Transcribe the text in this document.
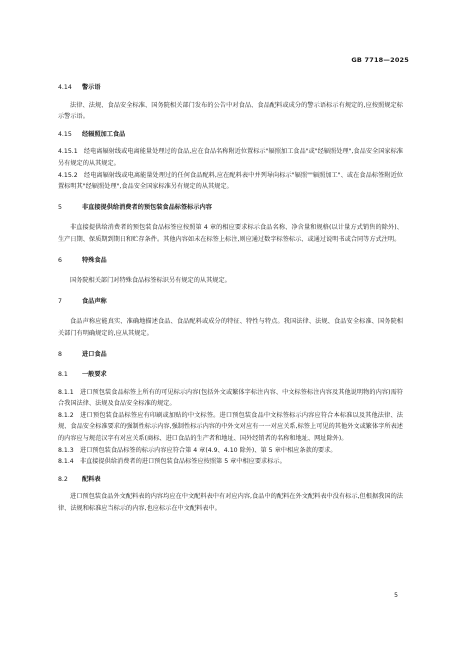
GB 7718—2025
4.14 警示语

法律、法规、食品安全标准、国务院相关部门发布的公告中对食品、食品配料或成分的警示语标示有规定的,应按照规定标示警示语。

4.15 经辐照加工食品

4.15.1　经电离辐射线或电离能量处理过的食品,应在食品名称附近位置标示"辐照加工食品"或"经辐照处理",食品安全国家标准另有规定的从其规定。

4.15.2　经电离辐射线或电离能量处理过的任何食品配料,应在配料表中并列导向标示"辐照""辐照加工"、或在食品标签附近位置标明其"经辐照处理",食品安全国家标准另有规定的从其规定。

5	非直接提供给消费者的预包装食品标签标示内容

非直接提供给消费者的预包装食品标签应按照第 4 章的相应要求标示食品名称、净含量和规格(以计量方式销售的除外)、生产日期、保质期到期日和贮存条件。其他内容如未在标签上标注,则应通过数字标签标示、或通过说明书或合同等方式注明。

6	特殊食品

国务院相关部门对特殊食品标签标识另有规定的从其规定。

7	食品声称

食品声称应能真实、准确地描述食品、食品配料或成分的特征、特性与特点。我国法律、法规、食品安全标准、国务院相关部门有明确规定的,应从其规定。

8	进口食品
8.1 一般要求

8.1.1　进口预包装食品标签上所有的可见标示内容(包括外文或繁体字标注内容、中文标签标注内容及其他说明物的内容)需符合我国法律、法规及食品安全标准的规定。

8.1.2　进口预包装食品标签应有印刷或加贴的中文标签。进口预包装食品中文标签标示内容应符合本标准以及其他法律、法规、食品安全标准要求的强制性标示内容,强制性标示内容的中外文对应有一一对应关系,标签上可见的其他外文或繁体字所表述的内容应与规范汉字有对应关系(商标、进口食品的生产者和地址、国外经销者的名称和地址、网址除外)。

8.1.3　进口预包装食品标签的标示内容应符合第 4 章(4.9、4.10 除外)、第 5 章中相应条款的要求。

8.1.4　非直接提供给消费者的进口预包装食品标签应按照第 5 章中相应要求标示。

8.2 配料表

进口预包装食品外文配料表的内容均应在中文配料表中有对应内容,食品中的配料在外文配料表中没有标示,但根据我国的法律、法规和标准应当标示的内容,也应标示在中文配料表中。

5
